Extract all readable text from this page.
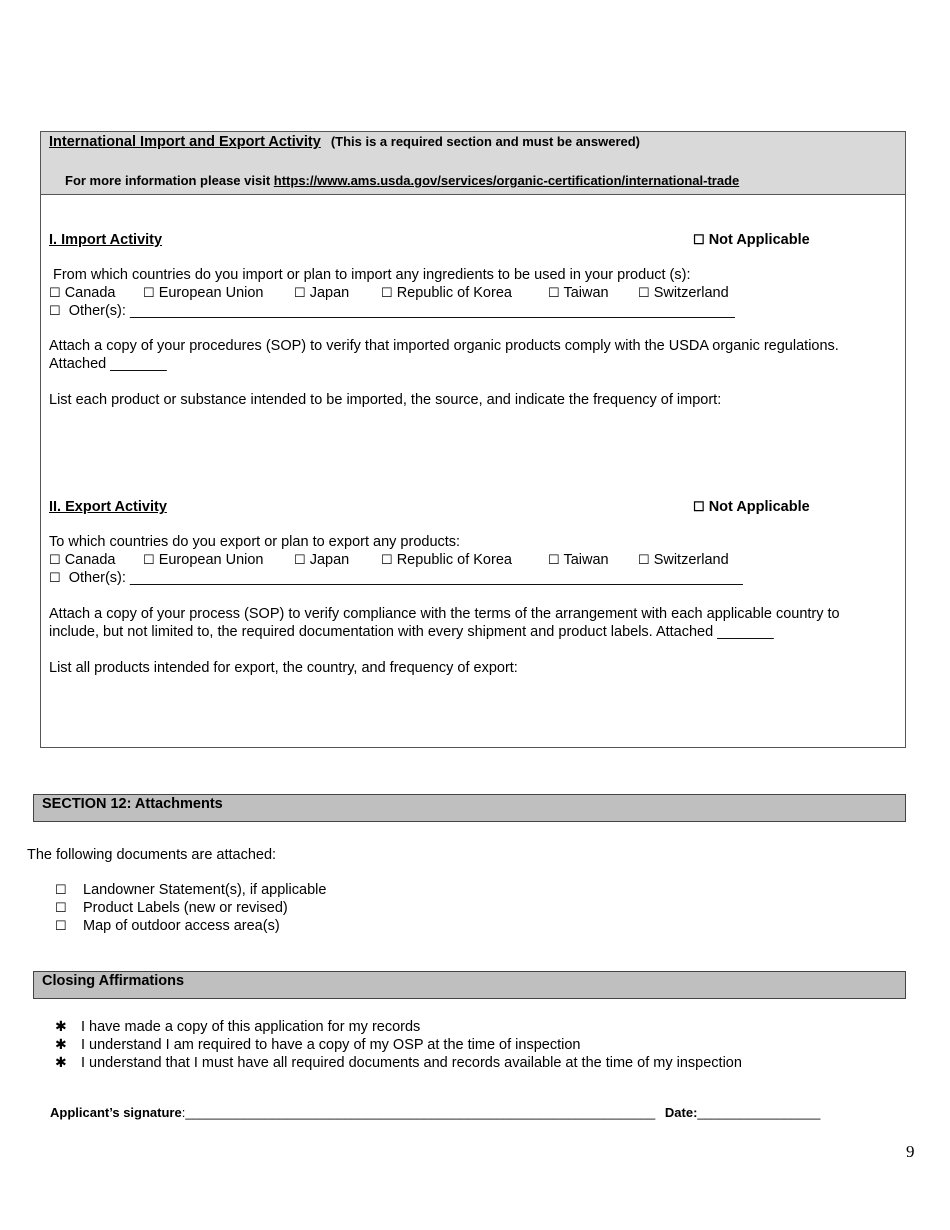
International Import and Export Activity (This is a required section and must be answered)
For more information please visit https://www.ams.usda.gov/services/organic-certification/international-trade
I. Import Activity	☐ Not Applicable
From which countries do you import or plan to import any ingredients to be used in your product (s):
☐ Canada ☐ European Union ☐ Japan ☐ Republic of Korea	☐ Taiwan ☐ Switzerland
☐ Other(s): ___________________________________________________________________________
Attach a copy of your procedures (SOP) to verify that imported organic products comply with the USDA organic regulations.
Attached _______
List each product or substance intended to be imported, the source, and indicate the frequency of import:
II. Export Activity	☐ Not Applicable
To which countries do you export or plan to export any products:
☐ Canada ☐ European Union ☐ Japan ☐ Republic of Korea	☐ Taiwan ☐ Switzerland
☐ Other(s): ____________________________________________________________________________
Attach a copy of your process (SOP) to verify compliance with the terms of the arrangement with each applicable country to
include, but not limited to, the required documentation with every shipment and product labels. Attached _______
List all products intended for export, the country, and frequency of export:
SECTION 12: Attachments
The following documents are attached:
☐ Landowner Statement(s), if applicable
☐ Product Labels (new or revised)
☐ Map of outdoor access area(s)
Closing Affirmations
✱ I have made a copy of this application for my records
✱ I understand I am required to have a copy of my OSP at the time of inspection
✱ I understand that I must have all required documents and records available at the time of my inspection
Applicant’s signature:_________________________________________________________________ Date:_________________
9
